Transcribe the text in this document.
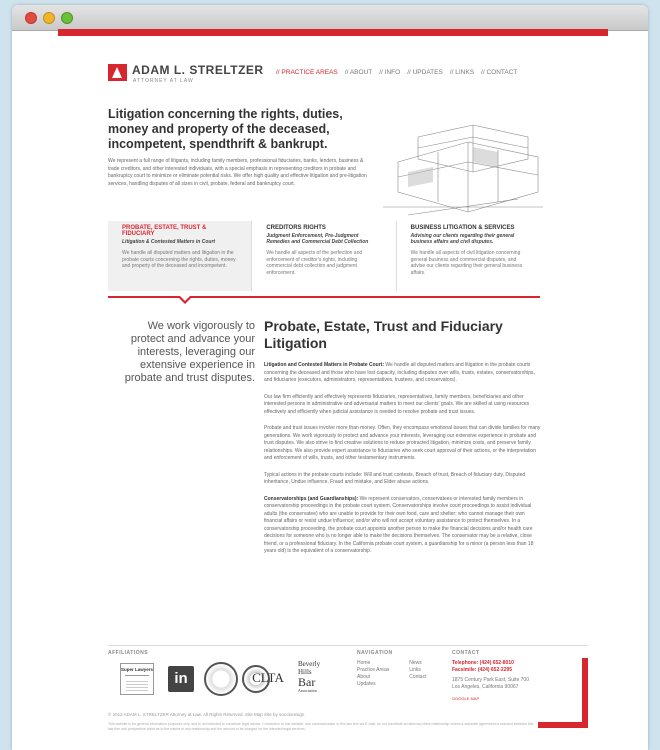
ADAM L. STRELTZER
ATTORNEY AT LAW
// PRACTICE AREAS // ABOUT // INFO // UPDATES // LINKS // CONTACT
Litigation concerning the rights, duties, money and property of the deceased, incompetent, spendthrift & bankrupt.
We represent a full range of litigants, including family members, professional fiduciaries, banks, lenders, business & trade creditors, and other interested individuals, with a special emphasis in representing creditors in probate and bankruptcy court to minimize or eliminate potential risks. We offer high quality and effective litigation and pre-litigation services, handling disputes of all sizes in civil, probate, federal and bankruptcy court.
PROBATE, ESTATE, TRUST & FIDUCIARY
Litigation & Contested Matters in Court

We handle all disputed matters and litigation in the probate courts concerning the rights, duties, money and property of the deceased and incompetent.

CREDITORS RIGHTS
Judgment Enforcement, Pre-Judgment Remedies and Commercial Debt Collection

We handle all aspects of the perfection and enforcement of creditor's rights, including commercial debt collection and judgment enforcement.

BUSINESS LITIGATION & SERVICES
Advising our clients regarding their general business affairs and civil disputes.

We handle all aspects of civil litigation concerning general business and commercial disputes, and advise our clients regarding their general business affairs.

We work vigorously to protect and advance your interests, leveraging our extensive experience in probate and trust disputes.
Probate, Estate, Trust and Fiduciary Litigation

Litigation and Contested Matters in Probate Court: We handle all disputed matters and litigation in the probate courts concerning the deceased and those who have lost capacity, including disputes over wills, trusts, estates, conservatorships, and fiduciaries (executors, administrators, representatives, trustees, and conservators).

Our law firm efficiently and effectively represents fiduciaries, representatives, family members, beneficiaries and other interested persons in administrative and adversarial matters to meet our clients' goals. We are skilled at using resources effectively and efficiently when judicial assistance is needed to resolve probate and trust issues.

Probate and trust issues involve more than money. Often, they encompass emotional issues that can divide families for many generations. We work vigorously to protect and advance your interests, leveraging our extensive experience in probate and trust disputes. We also strive to find creative solutions to reduce protracted litigation, minimize costs, and preserve family relationships. We also provide expert assistance to fiduciaries who seek court approval of their actions, or the interpretation and enforcement of wills, trusts, and other testamentary instruments.

Typical actions in the probate courts include: Will and trust contests, Breach of trust, Breach of fiduciary duty, Disputed inheritance, Undue influence, Fraud and mistake, and Elder abuse actions.

Conservatorships (and Guardianships): We represent conservators, conservatees or interested family members in conservatorship proceedings in the probate court system. Conservatorships involve court proceedings to assist individual adults (the conservatee) who are unable to provide for their own food, care and shelter; who cannot manage their own financial affairs or resist undue influence; and/or who will not accept voluntary assistance to protect themselves. In a conservatorship proceeding, the probate court appoints another person to make the financial decisions and/or health care decisions for someone who is no longer able to make the decisions themselves. The conservator may be a relative, close friend, or a professional fiduciary. In the California probate court system, a guardianship for a minor (a person less than 18 years old) is the equivalent of a conservatorship.

AFFILIATIONS
Super Lawyers
in	CLTA
Beverly
Hills
Bar
Association
NAVIGATION
Home
Practice Areas
About
Updates
News
Links
Contact
CONTACT
Telephone: (424) 652-8010
Facsimile: (424) 652-2295
1875 Century Park East, Suite 700
Los Angeles, California 90067
GOOGLE MAP
© 2012 ADAM L. STRELTZER Attorney at Law. All Rights Reserved. Site Map Site by socoloresign
This website is for general information purposes only, and is not intended to constitute legal advice. Connection to this website, and communication to this law firm via E-mail, do not constitute an attorney-client relationship unless a separate agreement is reached between this law firm and prospective client as to the nature of any relationship and the amount to be charged for the intended legal services.
